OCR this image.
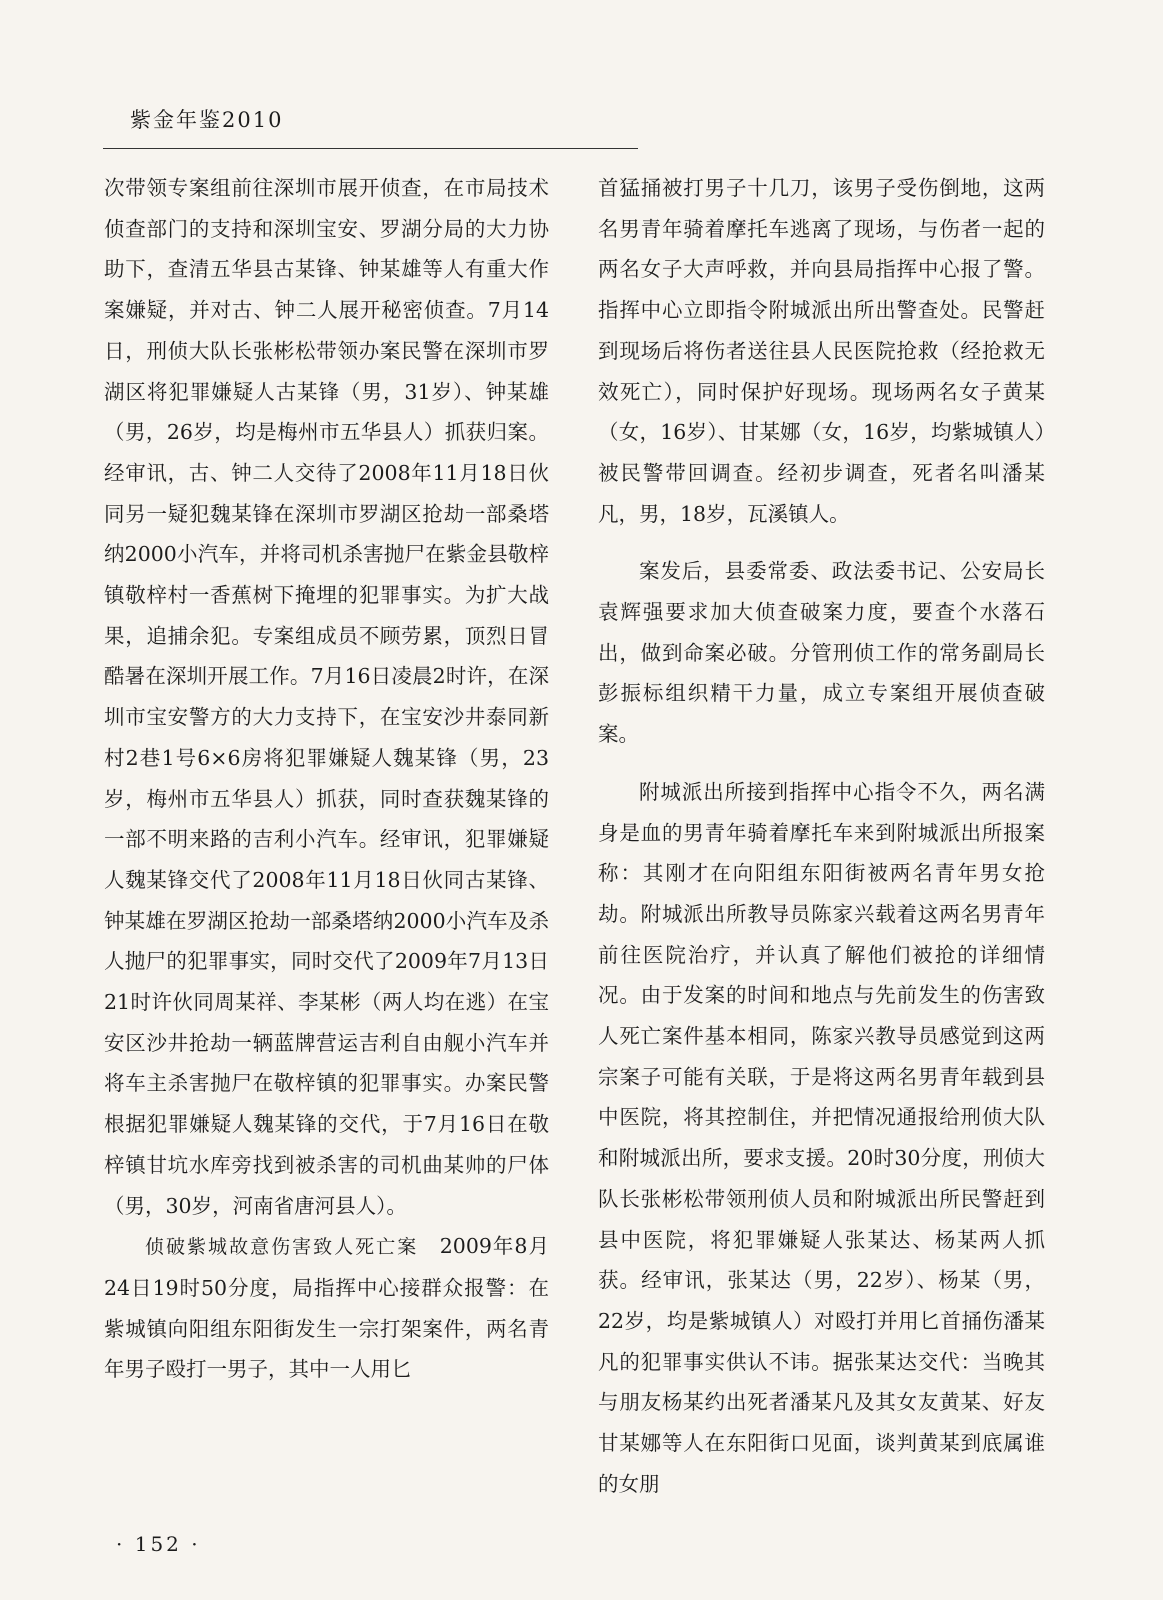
紫金年鉴2010

次带领专案组前往深圳市展开侦查，在市局技术侦查部门的支持和深圳宝安、罗湖分局的大力协助下，查清五华县古某锋、钟某雄等人有重大作案嫌疑，并对古、钟二人展开秘密侦查。7月14日，刑侦大队长张彬松带领办案民警在深圳市罗湖区将犯罪嫌疑人古某锋（男，31岁）、钟某雄（男，26岁，均是梅州市五华县人）抓获归案。经审讯，古、钟二人交待了2008年11月18日伙同另一疑犯魏某锋在深圳市罗湖区抢劫一部桑塔纳2000小汽车，并将司机杀害抛尸在紫金县敬梓镇敬梓村一香蕉树下掩埋的犯罪事实。为扩大战果，追捕余犯。专案组成员不顾劳累，顶烈日冒酷暑在深圳开展工作。7月16日凌晨2时许，在深圳市宝安警方的大力支持下，在宝安沙井泰同新村2巷1号6×6房将犯罪嫌疑人魏某锋（男，23岁，梅州市五华县人）抓获，同时查获魏某锋的一部不明来路的吉利小汽车。经审讯，犯罪嫌疑人魏某锋交代了2008年11月18日伙同古某锋、钟某雄在罗湖区抢劫一部桑塔纳2000小汽车及杀人抛尸的犯罪事实，同时交代了2009年7月13日21时许伙同周某祥、李某彬（两人均在逃）在宝安区沙井抢劫一辆蓝牌营运吉利自由舰小汽车并将车主杀害抛尸在敬梓镇的犯罪事实。办案民警根据犯罪嫌疑人魏某锋的交代，于7月16日在敬梓镇甘坑水库旁找到被杀害的司机曲某帅的尸体（男，30岁，河南省唐河县人）。

侦破紫城故意伤害致人死亡案　 2009年8月24日19时50分度，局指挥中心接群众报警：在紫城镇向阳组东阳街发生一宗打架案件，两名青年男子殴打一男子，其中一人用匕

首猛捅被打男子十几刀，该男子受伤倒地，这两名男青年骑着摩托车逃离了现场，与伤者一起的两名女子大声呼救，并向县局指挥中心报了警。指挥中心立即指令附城派出所出警查处。民警赶到现场后将伤者送往县人民医院抢救（经抢救无效死亡），同时保护好现场。现场两名女子黄某（女，16岁）、甘某娜（女，16岁，均紫城镇人）被民警带回调查。经初步调查，死者名叫潘某凡，男，18岁，瓦溪镇人。

案发后，县委常委、政法委书记、公安局长袁辉强要求加大侦查破案力度，要查个水落石出，做到命案必破。分管刑侦工作的常务副局长彭振标组织精干力量，成立专案组开展侦查破案。

附城派出所接到指挥中心指令不久，两名满身是血的男青年骑着摩托车来到附城派出所报案称：其刚才在向阳组东阳街被两名青年男女抢劫。附城派出所教导员陈家兴载着这两名男青年前往医院治疗，并认真了解他们被抢的详细情况。由于发案的时间和地点与先前发生的伤害致人死亡案件基本相同，陈家兴教导员感觉到这两宗案子可能有关联，于是将这两名男青年载到县中医院，将其控制住，并把情况通报给刑侦大队和附城派出所，要求支援。20时30分度，刑侦大队长张彬松带领刑侦人员和附城派出所民警赶到县中医院，将犯罪嫌疑人张某达、杨某两人抓获。经审讯，张某达（男，22岁）、杨某（男，22岁，均是紫城镇人）对殴打并用匕首捅伤潘某凡的犯罪事实供认不讳。据张某达交代：当晚其与朋友杨某约出死者潘某凡及其女友黄某、好友甘某娜等人在东阳街口见面，谈判黄某到底属谁的女朋

· 152 ·
